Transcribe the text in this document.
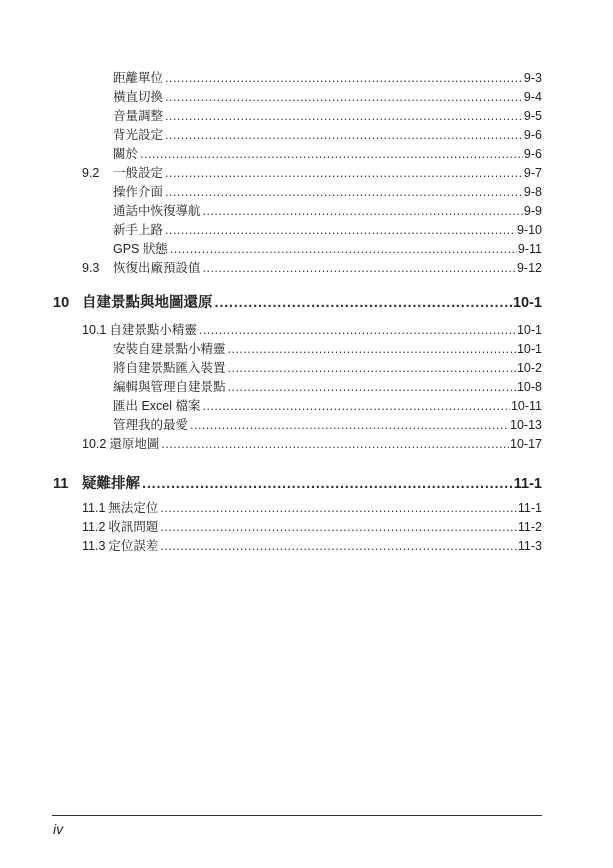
距離單位 .....	9-3
橫直切換 .....	9-4
音量調整 .....	9-5
背光設定 .....	9-6
關於 .....	9-6
9.2 一般設定 .....	9-7
操作介面 .....	9-8
通話中恢復導航 .....	9-9
新手上路 .....	9-10
GPS 狀態 .....	9-11
9.3 恢復出廠預設值 .....	9-12
10 自建景點與地圖還原 .....	10-1
10.1 自建景點小精靈 .....	10-1
安裝自建景點小精靈 .....	10-1
將自建景點匯入裝置 .....	10-2
編輯與管理自建景點 .....	10-8
匯出 Excel 檔案 .....	10-11
管理我的最愛 .....	10-13
10.2 還原地圖 .....	10-17
11 疑難排解 .....	11-1
11.1 無法定位 .....	11-1
11.2 收訊問題 .....	11-2
11.3 定位誤差 .....	11-3
iv
